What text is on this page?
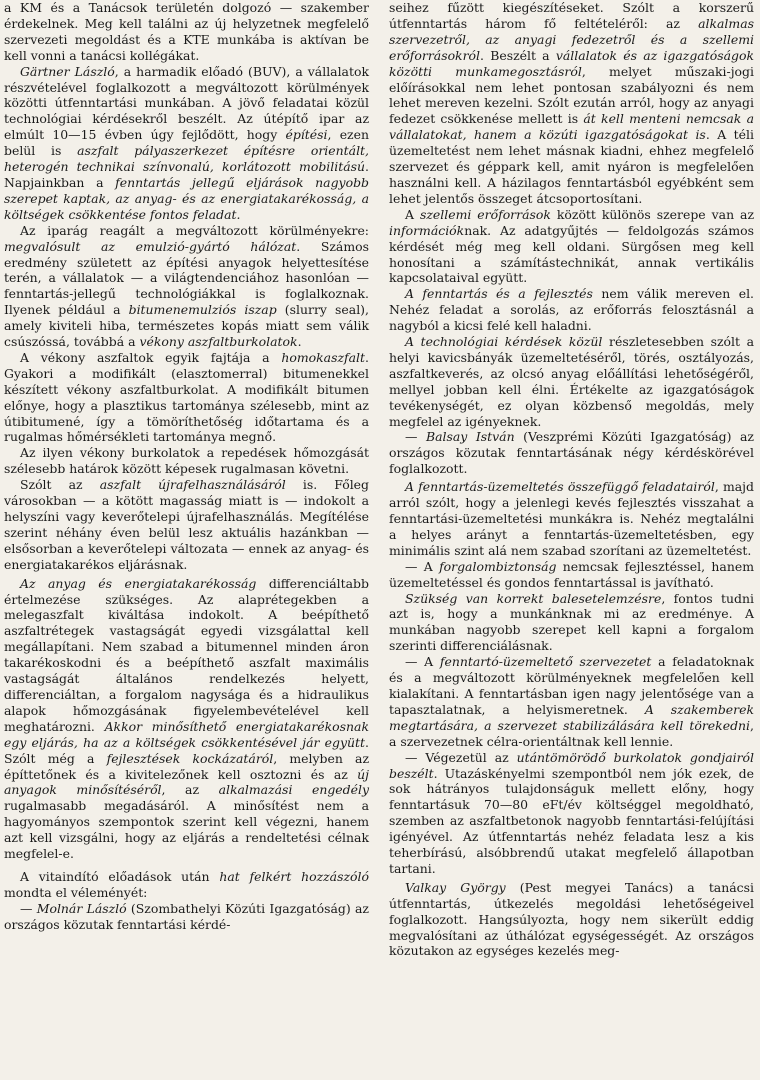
a KM és a Tanácsok területén dolgozó — szakember érdekelnek. Meg kell találni az új helyzetnek megfelelő szervezeti megoldást és a KTE munkába is aktívan be kell vonni a tanácsi kollégákat.

Gärtner László, a harmadik előadó (BUV), a vállalatok részvételével foglalkozott a megváltozott körülmények közötti útfenntartási munkában. A jövő feladatai közül technológiai kérdésekről beszélt. Az útépítő ipar az elmúlt 10—15 évben úgy fejlődött, hogy építési, ezen belül is aszfalt pályaszerkezet építésre orientált, heterogén technikai színvonalú, korlátozott mobilitású. Napjainkban a fenntartás jellegű eljárások nagyobb szerepet kaptak, az anyag- és az energiatakarékosság, a költségek csökkentése fontos feladat.

Az iparág reagált a megváltozott körülményekre: megvalósult az emulzió-gyártó hálózat. Számos eredmény született az építési anyagok helyettesítése terén, a vállalatok — a világtendenciához hasonlóan — fenntartás-jellegű technológiákkal is foglalkoznak. Ilyenek például a bitumenemulziós iszap (slurry seal), amely kiviteli hiba, természetes kopás miatt sem válik csúszóssá, továbbá a vékony aszfaltburkolatok.

A vékony aszfaltok egyik fajtája a homokaszfalt. Gyakori a modifikált (elasztomerral) bitumenekkel készített vékony aszfaltburkolat. A modifikált bitumen előnye, hogy a plasztikus tartománya szélesebb, mint az útibitumené, így a tömöríthetőség időtartama és a rugalmas hőmérsékleti tartománya megnő.

Az ilyen vékony burkolatok a repedések hőmozgását szélesebb határok között képesek rugalmasan követni.

Szólt az aszfalt újrafelhasználásáról is. Főleg városokban — a kötött magasság miatt is — indokolt a helyszíni vagy keverőtelepi újrafelhasználás. Megítélése szerint néhány éven belül lesz aktuális hazánkban — elsősorban a keverőtelepi változata — ennek az anyag- és energiatakarékos eljárásnak.

Az anyag és energiatakarékosság differenciáltabb értelmezése szükséges. Az alaprétegekben a melegaszfalt kiváltása indokolt. A beépíthető aszfaltrétegek vastagságát egyedi vizsgálattal kell megállapítani. Nem szabad a bitumennel minden áron takarékoskodni és a beépíthető aszfalt maximális vastagságát általános rendelkezés helyett, differenciáltan, a forgalom nagysága és a hidraulikus alapok hőmozgásának figyelembevételével kell meghatározni. Akkor minősíthető energiatakarékosnak egy eljárás, ha az a költségek csökkentésével jár együtt. Szólt még a fejlesztések kockázatáról, melyben az építtetőnek és a kivitelezőnek kell osztozni és az új anyagok minősítéséről, az alkalmazási engedély rugalmasabb megadásáról. A minősítést nem a hagyományos szempontok szerint kell végezni, hanem azt kell vizsgálni, hogy az eljárás a rendeltetési célnak megfelel-e.

A vitaindító előadások után hat felkért hozzászóló mondta el véleményét:

— Molnár László (Szombathelyi Közúti Igazgatóság) az országos közutak fenntartási kérdé-

seihez fűzött kiegészítéseket. Szólt a korszerű útfenntartás három fő feltételéről: az alkalmas szervezetről, az anyagi fedezetről és a szellemi erőforrásokról. Beszélt a vállalatok és az igazgatóságok közötti munkamegosztásról, melyet műszaki-jogi előírásokkal nem lehet pontosan szabályozni és nem lehet mereven kezelni. Szólt ezután arról, hogy az anyagi fedezet csökkenése mellett is át kell menteni nemcsak a vállalatokat, hanem a közúti igazgatóságokat is. A téli üzemeltetést nem lehet másnak kiadni, ehhez megfelelő szervezet és géppark kell, amit nyáron is megfelelően használni kell. A házilagos fenntartásból egyébként sem lehet jelentős összeget átcsoportosítani.

A szellemi erőforrások között különös szerepe van az információknak. Az adatgyűjtés — feldolgozás számos kérdését még meg kell oldani. Sürgősen meg kell honosítani a számítástechnikát, annak vertikális kapcsolataival együtt.

A fenntartás és a fejlesztés nem válik mereven el. Nehéz feladat a sorolás, az erőforrás felosztásnál a nagyból a kicsi felé kell haladni.

A technológiai kérdések közül részletesebben szólt a helyi kavicsbányák üzemeltetéséről, törés, osztályozás, aszfaltkeverés, az olcsó anyag előállítási lehetőségéről, mellyel jobban kell élni. Értékelte az igazgatóságok tevékenységét, ez olyan közbenső megoldás, mely megfelel az igényeknek.

— Balsay István (Veszprémi Közúti Igazgatóság) az országos közutak fenntartásának négy kérdéskörével foglalkozott.

A fenntartás-üzemeltetés összefüggő feladatairól, majd arról szólt, hogy a jelenlegi kevés fejlesztés visszahat a fenntartási-üzemeltetési munkákra is. Nehéz megtalálni a helyes arányt a fenntartás-üzemeltetésben, egy minimális szint alá nem szabad szorítani az üzemeltetést.

— A forgalombiztonság nemcsak fejlesztéssel, hanem üzemeltetéssel és gondos fenntartással is javítható.

Szükség van korrekt balesetelemzésre, fontos tudni azt is, hogy a munkánknak mi az eredménye. A munkában nagyobb szerepet kell kapni a forgalom szerinti differenciálásnak.

— A fenntartó-üzemeltető szervezetet a feladatoknak és a megváltozott körülményeknek megfelelően kell kialakítani. A fenntartásban igen nagy jelentősége van a tapasztalatnak, a helyismeretnek. A szakemberek megtartására, a szervezet stabilizálására kell törekedni, a szervezetnek célra-orientáltnak kell lennie.

— Végezetül az utántömörödő burkolatok gondjairól beszélt. Utazáskényelmi szempontból nem jók ezek, de sok hátrányos tulajdonságuk mellett előny, hogy fenntartásuk 70—80 eFt/év költséggel megoldható, szemben az aszfaltbetonok nagyobb fenntartási-felújítási igényével. Az útfenntartás nehéz feladata lesz a kis teherbírású, alsóbbrendű utakat megfelelő állapotban tartani.

Valkay György (Pest megyei Tanács) a tanácsi útfenntartás, útkezelés megoldási lehetőségeivel foglalkozott. Hangsúlyozta, hogy nem sikerült eddig megvalósítani az úthálózat egységességét. Az országos közutakon az egységes kezelés meg-
